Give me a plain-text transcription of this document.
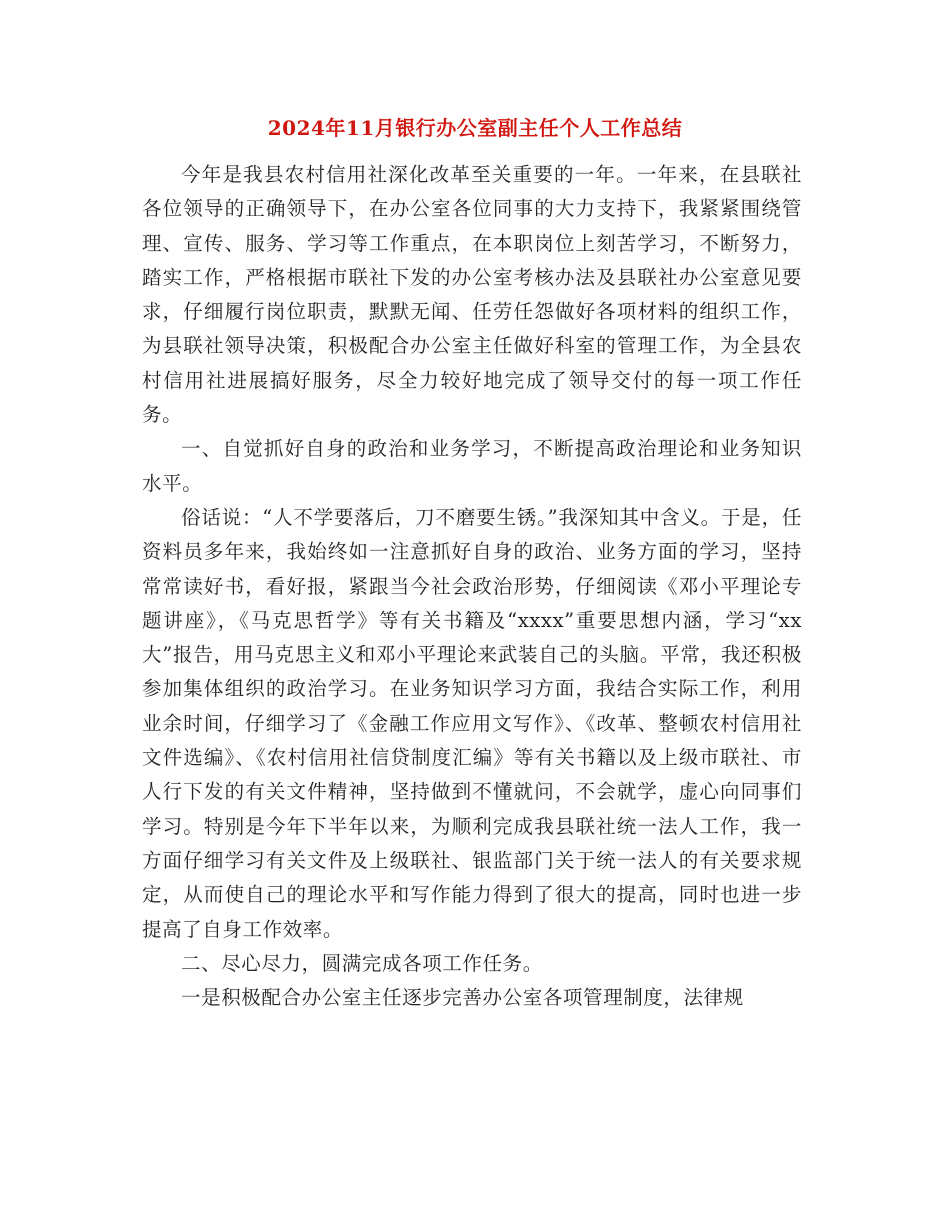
2024年11月银行办公室副主任个人工作总结

今年是我县农村信用社深化改革至关重要的一年。一年来，在县联社各位领导的正确领导下，在办公室各位同事的大力支持下，我紧紧围绕管理、宣传、服务、学习等工作重点，在本职岗位上刻苦学习，不断努力，踏实工作，严格根据市联社下发的办公室考核办法及县联社办公室意见要求，仔细履行岗位职责，默默无闻、任劳任怨做好各项材料的组织工作，为县联社领导决策，积极配合办公室主任做好科室的管理工作，为全县农村信用社进展搞好服务，尽全力较好地完成了领导交付的每一项工作任务。

一、自觉抓好自身的政治和业务学习，不断提高政治理论和业务知识水平。

俗话说：“人不学要落后，刀不磨要生锈。”我深知其中含义。于是，任资料员多年来，我始终如一注意抓好自身的政治、业务方面的学习，坚持常常读好书，看好报，紧跟当今社会政治形势，仔细阅读《邓小平理论专题讲座》，《马克思哲学》等有关书籍及“xxxx”重要思想内涵，学习“xx大”报告，用马克思主义和邓小平理论来武装自己的头脑。平常，我还积极参加集体组织的政治学习。在业务知识学习方面，我结合实际工作，利用业余时间，仔细学习了《金融工作应用文写作》、《改革、整顿农村信用社文件选编》、《农村信用社信贷制度汇编》等有关书籍以及上级市联社、市人行下发的有关文件精神，坚持做到不懂就问，不会就学，虚心向同事们学习。特别是今年下半年以来，为顺利完成我县联社统一法人工作，我一方面仔细学习有关文件及上级联社、银监部门关于统一法人的有关要求规定，从而使自己的理论水平和写作能力得到了很大的提高，同时也进一步提高了自身工作效率。

二、尽心尽力，圆满完成各项工作任务。

一是积极配合办公室主任逐步完善办公室各项管理制度，法律规
